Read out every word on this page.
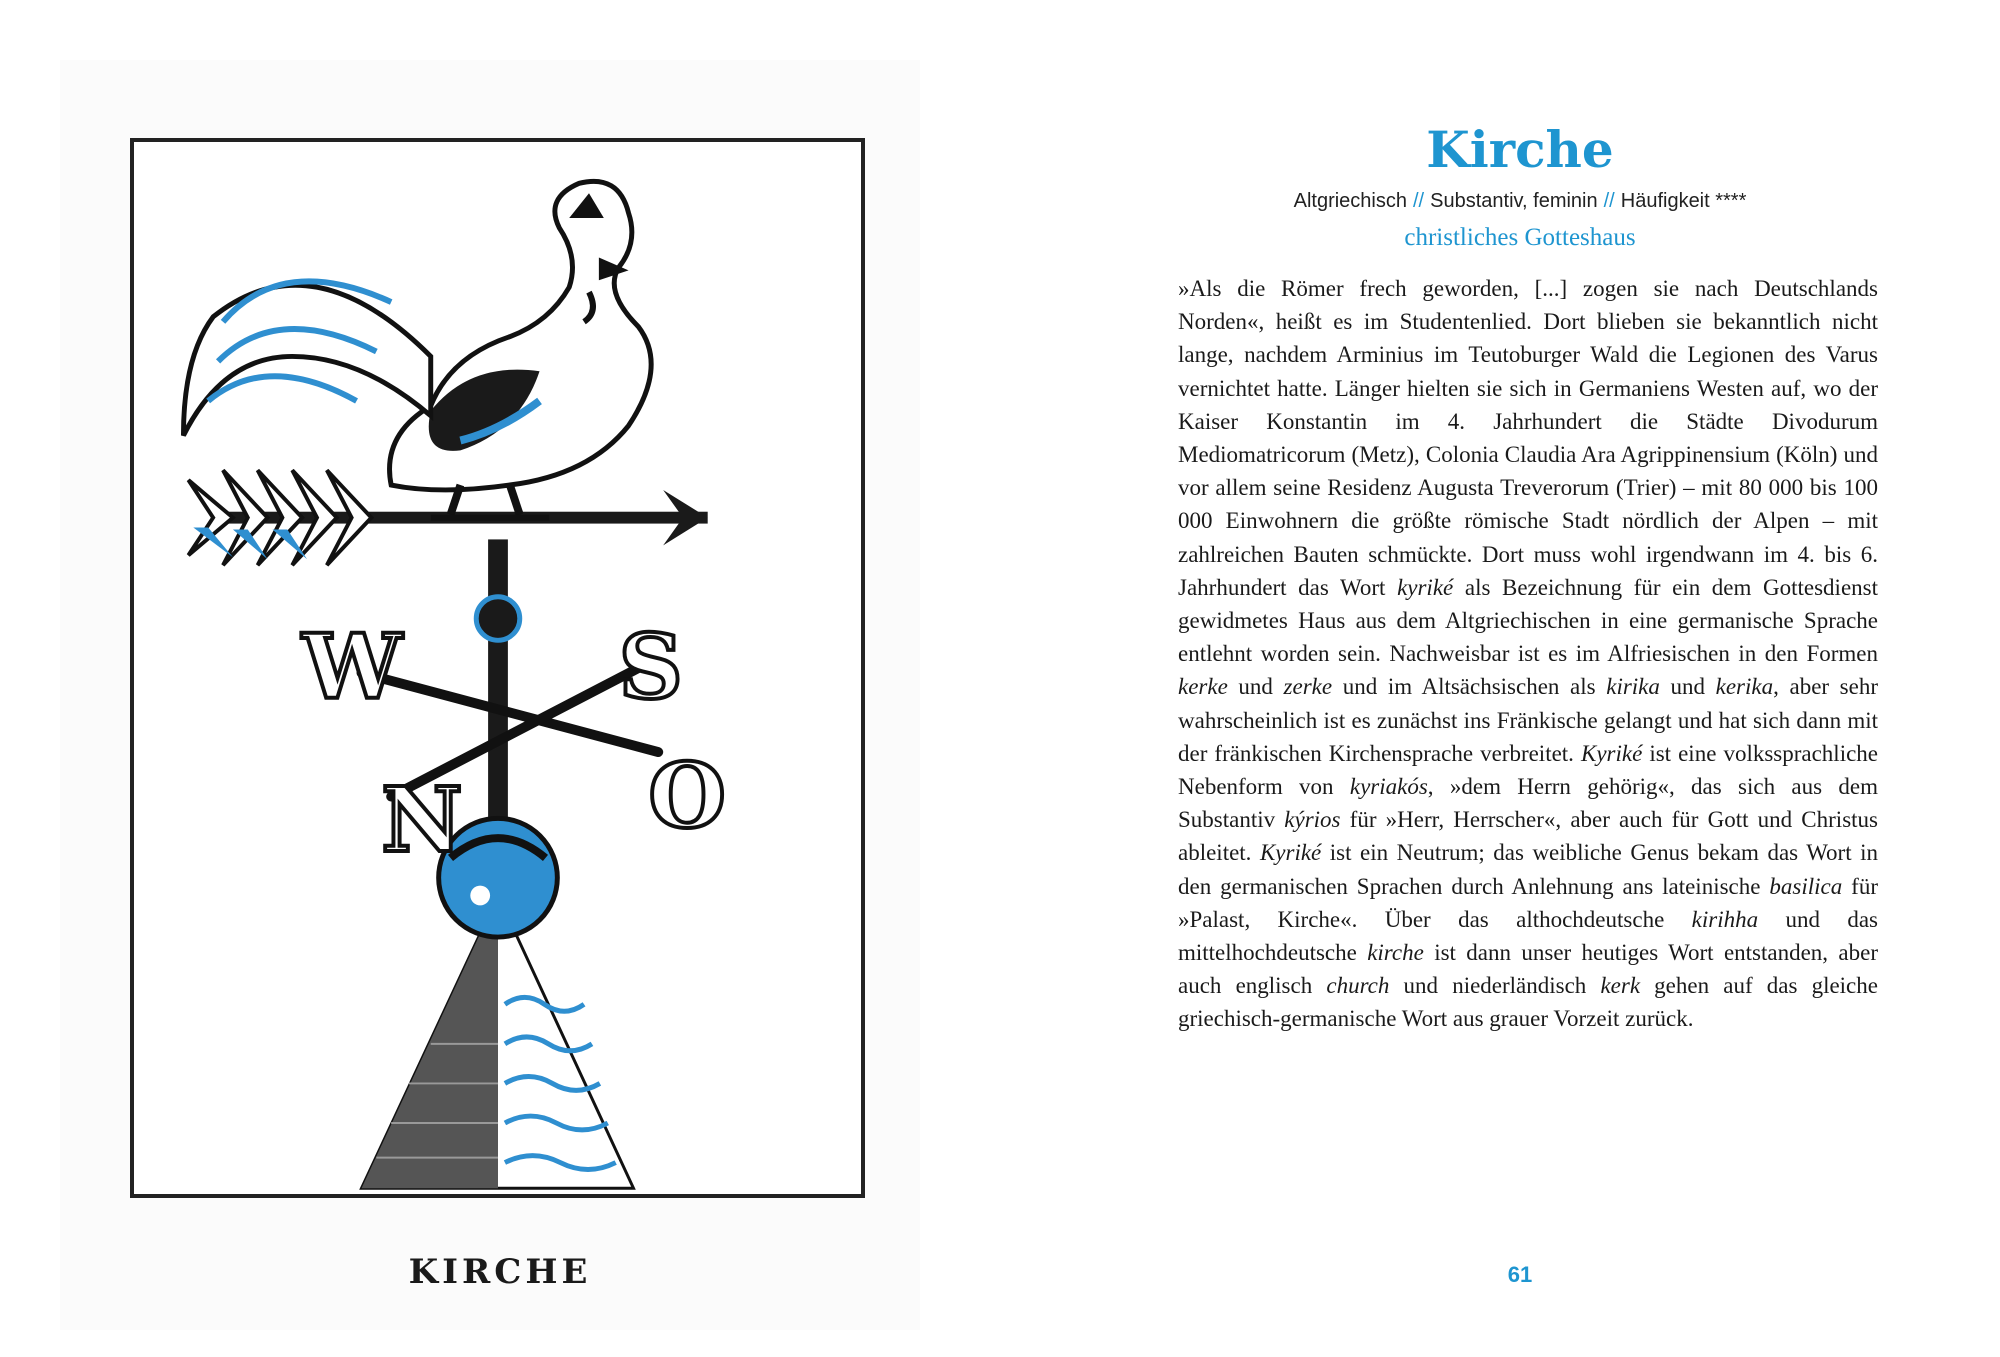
W S
N O
KIRCHE
Kirche
Altgriechisch // Substantiv, feminin // Häufigkeit ****
christliches Gotteshaus
»Als die Römer frech geworden, [...] zogen sie nach Deutschlands Norden«, heißt es im Studentenlied. Dort blieben sie bekanntlich nicht lange, nachdem Arminius im Teutoburger Wald die Legionen des Varus vernichtet hatte. Länger hielten sie sich in Germaniens Westen auf, wo der Kaiser Konstantin im 4. Jahrhundert die Städte Divodurum Mediomatricorum (Metz), Colonia Claudia Ara Agrippinensium (Köln) und vor allem seine Residenz Augusta Treverorum (Trier) – mit 80 000 bis 100 000 Einwohnern die größte römische Stadt nördlich der Alpen – mit zahlreichen Bauten schmückte. Dort muss wohl irgendwann im 4. bis 6. Jahrhundert das Wort kyriké als Bezeichnung für ein dem Gottesdienst gewidmetes Haus aus dem Altgriechischen in eine germanische Sprache entlehnt worden sein. Nachweisbar ist es im Alfriesischen in den Formen kerke und zerke und im Altsächsischen als kirika und kerika, aber sehr wahrscheinlich ist es zunächst ins Fränkische gelangt und hat sich dann mit der fränkischen Kirchensprache verbreitet. Kyriké ist eine volkssprachliche Nebenform von kyriakós, »dem Herrn gehörig«, das sich aus dem Substantiv kýrios für »Herr, Herrscher«, aber auch für Gott und Christus ableitet. Kyriké ist ein Neutrum; das weibliche Genus bekam das Wort in den germanischen Sprachen durch Anlehnung ans lateinische basilica für »Palast, Kirche«. Über das althochdeutsche kirihha und das mittelhochdeutsche kirche ist dann unser heutiges Wort entstanden, aber auch englisch church und niederländisch kerk gehen auf das gleiche griechisch-germanische Wort aus grauer Vorzeit zurück.
61
